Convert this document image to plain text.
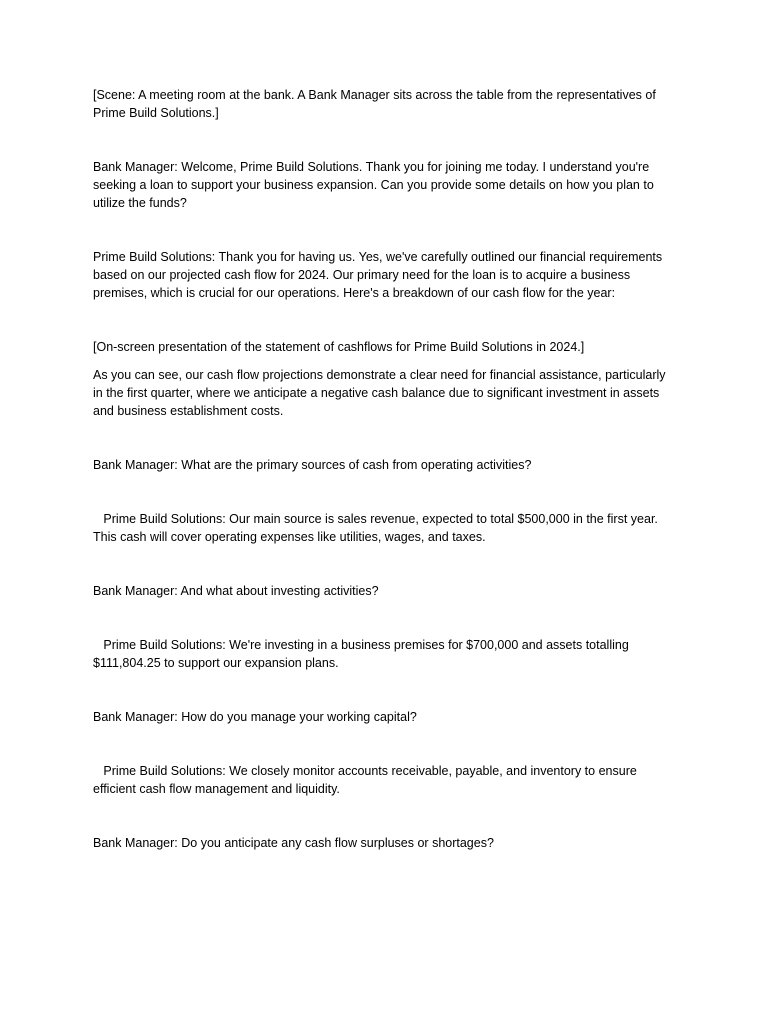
[Scene: A meeting room at the bank. A Bank Manager sits across the table from the representatives of Prime Build Solutions.]

Bank Manager: Welcome, Prime Build Solutions. Thank you for joining me today. I understand you're seeking a loan to support your business expansion. Can you provide some details on how you plan to utilize the funds?

Prime Build Solutions: Thank you for having us. Yes, we've carefully outlined our financial requirements based on our projected cash flow for 2024. Our primary need for the loan is to acquire a business premises, which is crucial for our operations. Here's a breakdown of our cash flow for the year:

[On-screen presentation of the statement of cashflows for Prime Build Solutions in 2024.]

As you can see, our cash flow projections demonstrate a clear need for financial assistance, particularly in the first quarter, where we anticipate a negative cash balance due to significant investment in assets and business establishment costs.

Bank Manager: What are the primary sources of cash from operating activities?

Prime Build Solutions: Our main source is sales revenue, expected to total $500,000 in the first year. This cash will cover operating expenses like utilities, wages, and taxes.

Bank Manager: And what about investing activities?

Prime Build Solutions: We're investing in a business premises for $700,000 and assets totalling $111,804.25 to support our expansion plans.

Bank Manager: How do you manage your working capital?

Prime Build Solutions: We closely monitor accounts receivable, payable, and inventory to ensure efficient cash flow management and liquidity.

Bank Manager: Do you anticipate any cash flow surpluses or shortages?
